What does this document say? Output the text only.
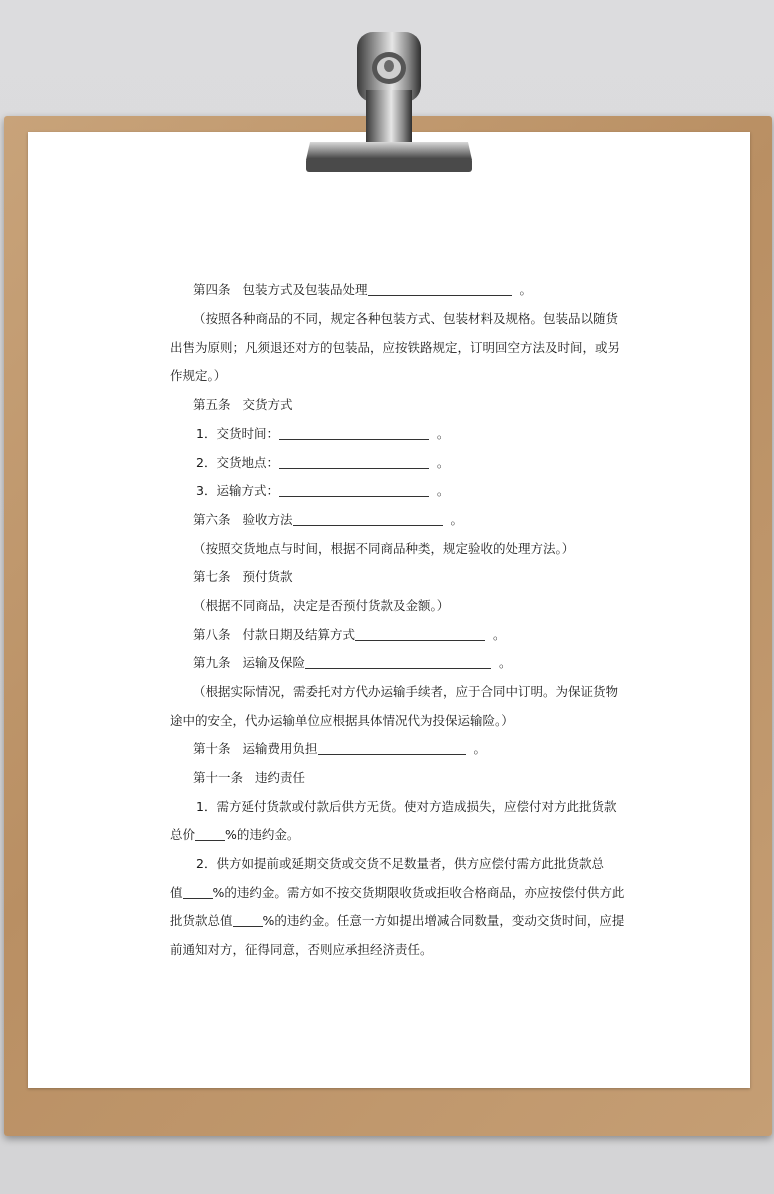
第四条 包装方式及包装品处理	。
（按照各种商品的不同，规定各种包装方式、包装材料及规格。包装品以随货
出售为原则；凡须退还对方的包装品，应按铁路规定，订明回空方法及时间，或另
作规定。）
第五条 交货方式
1．交货时间：	。
2．交货地点：	。
3．运输方式：	。
第六条 验收方法	。
（按照交货地点与时间，根据不同商品种类，规定验收的处理方法。）
第七条 预付货款
（根据不同商品，决定是否预付货款及金额。）
第八条 付款日期及结算方式	。
第九条 运输及保险	。
（根据实际情况，需委托对方代办运输手续者，应于合同中订明。为保证货物
途中的安全，代办运输单位应根据具体情况代为投保运输险。）
第十条 运输费用负担	。
第十一条 违约责任
1．需方延付货款或付款后供方无货。使对方造成损失，应偿付对方此批货款
总价 %的违约金。
2．供方如提前或延期交货或交货不足数量者，供方应偿付需方此批货款总
值 %的违约金。需方如不按交货期限收货或拒收合格商品，亦应按偿付供方此
批货款总值 %的违约金。任意一方如提出增减合同数量，变动交货时间，应提
前通知对方，征得同意，否则应承担经济责任。
